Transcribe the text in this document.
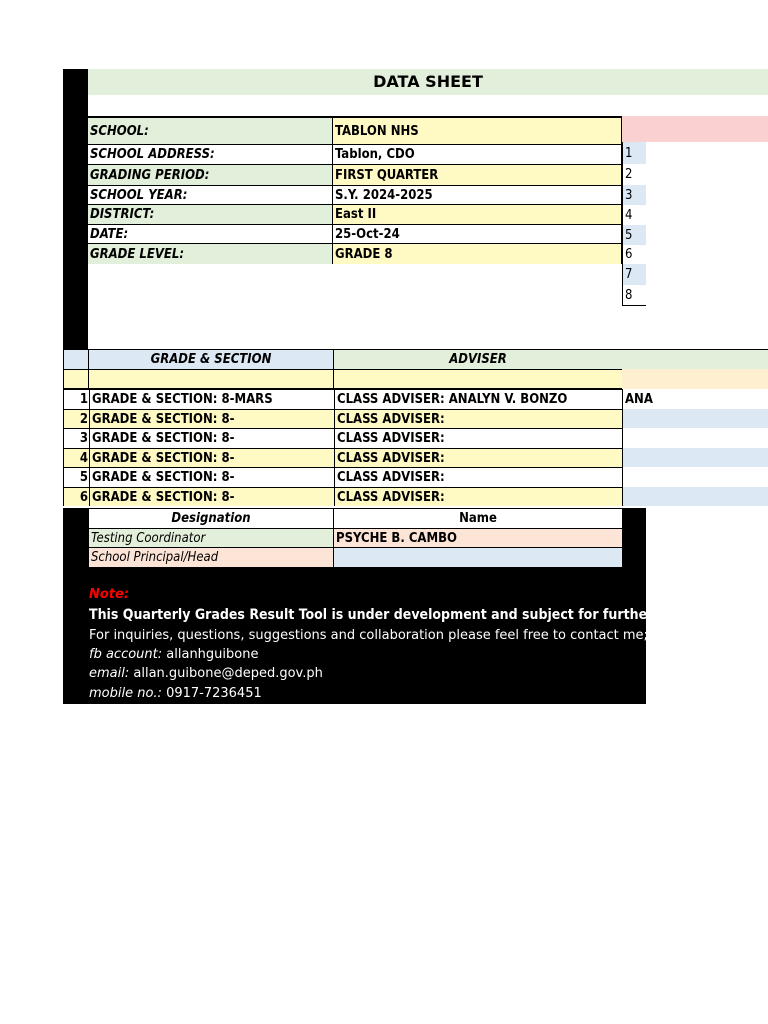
DATA SHEET
SCHOOL:	TABLON NHS
SCHOOL ADDRESS:	Tablon, CDO
GRADING PERIOD:	FIRST QUARTER
SCHOOL YEAR:	S.Y. 2024-2025
DISTRICT:	East II
DATE:	25-Oct-24
GRADE LEVEL:	GRADE 8
1
2
3
4
5
6
7
8
GRADE & SECTION	ADVISER
1 GRADE & SECTION: 8-MARS	CLASS ADVISER: ANALYN V. BONZO	ANA
2 GRADE & SECTION: 8-	CLASS ADVISER:
3 GRADE & SECTION: 8-	CLASS ADVISER:
4 GRADE & SECTION: 8-	CLASS ADVISER:
5 GRADE & SECTION: 8-	CLASS ADVISER:
6 GRADE & SECTION: 8-	CLASS ADVISER:
Designation	Name
Testing Coordinator	PSYCHE B. CAMBO
School Principal/Head
Note:
This Quarterly Grades Result Tool is under development and subject for further improvement
For inquiries, questions, suggestions and collaboration please feel free to contact me;
fb account: allanhguibone
email: allan.guibone@deped.gov.ph
mobile no.: 0917-7236451
